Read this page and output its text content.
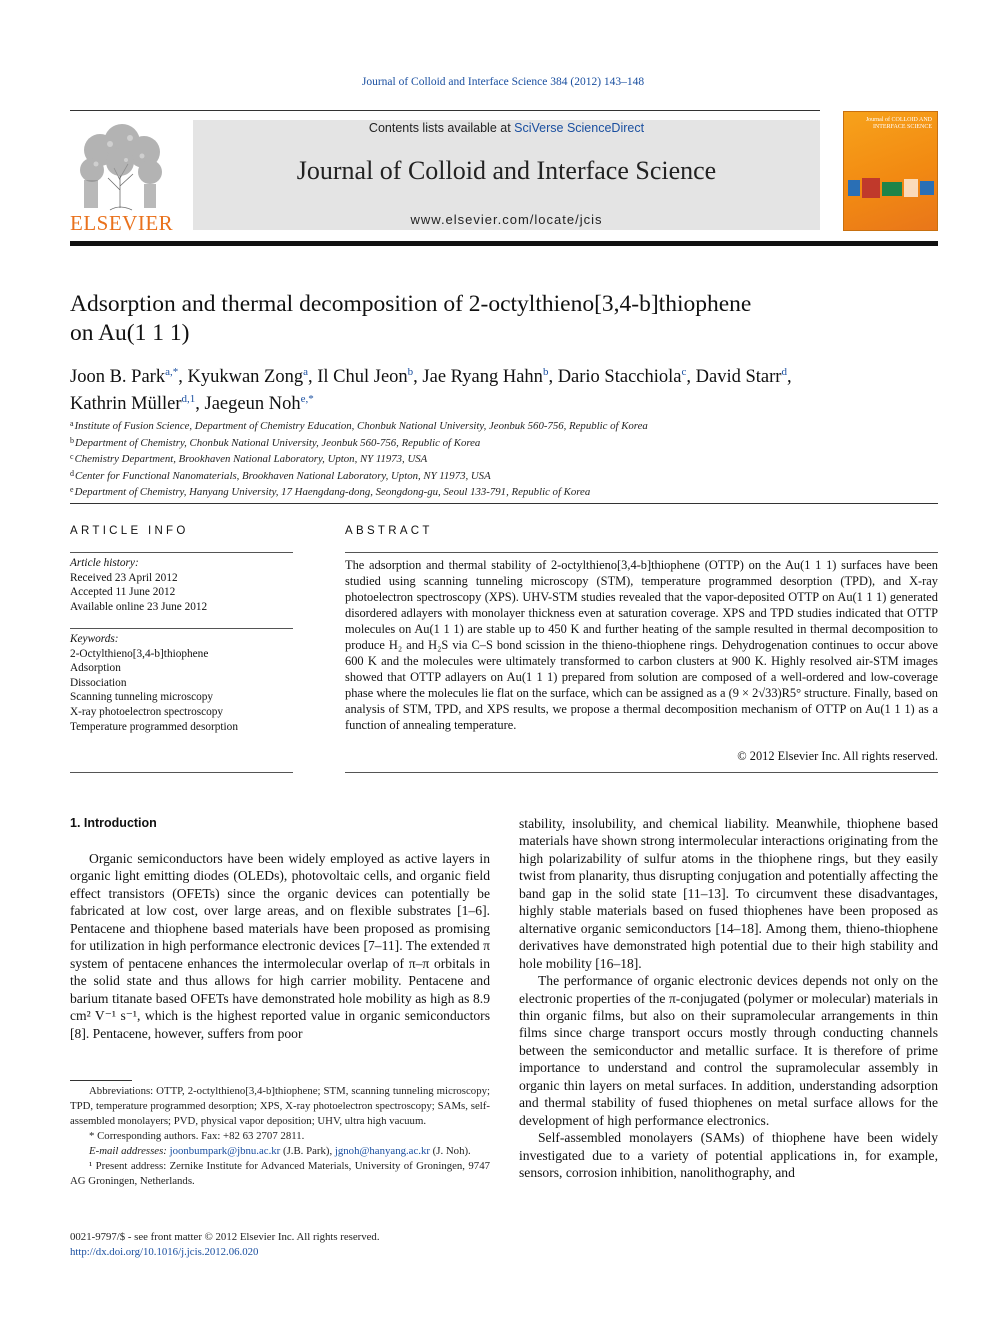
Journal of Colloid and Interface Science 384 (2012) 143–148
ELSEVIER
Contents lists available at SciVerse ScienceDirect
Journal of Colloid and Interface Science
www.elsevier.com/locate/jcis
Journal of COLLOID AND INTERFACE SCIENCE
Adsorption and thermal decomposition of 2-octylthieno[3,4-b]thiophene
on Au(1 1 1)
Joon B. Park$^{a,*}$, Kyukwan Zong$^a$, Il Chul Jeon$^b$, Jae Ryang Hahn$^b$, Dario Stacchiola$^c$, David Starr$^d$,
Kathrin Müller$^{d,1}$, Jaegeun Noh$^{e,*}$
$^a$Institute of Fusion Science, Department of Chemistry Education, Chonbuk National University, Jeonbuk 560-756, Republic of Korea
$^b$Department of Chemistry, Chonbuk National University, Jeonbuk 560-756, Republic of Korea
$^c$Chemistry Department, Brookhaven National Laboratory, Upton, NY 11973, USA
$^d$Center for Functional Nanomaterials, Brookhaven National Laboratory, Upton, NY 11973, USA
$^e$Department of Chemistry, Hanyang University, 17 Haengdang-dong, Seongdong-gu, Seoul 133-791, Republic of Korea
ARTICLE INFO
Article history:
Received 23 April 2012
Accepted 11 June 2012
Available online 23 June 2012
Keywords:
2-Octylthieno[3,4-b]thiophene
Adsorption
Dissociation
Scanning tunneling microscopy
X-ray photoelectron spectroscopy
Temperature programmed desorption
ABSTRACT
The adsorption and thermal stability of 2-octylthieno[3,4-b]thiophene (OTTP) on the Au(1 1 1) surfaces have been studied using scanning tunneling microscopy (STM), temperature programmed desorption (TPD), and X-ray photoelectron spectroscopy (XPS). UHV-STM studies revealed that the vapor-deposited OTTP on Au(1 1 1) generated disordered adlayers with monolayer thickness even at saturation coverage. XPS and TPD studies indicated that OTTP molecules on Au(1 1 1) are stable up to 450 K and further heating of the sample resulted in thermal decomposition to produce H₂ and H₂S via C–S bond scission in the thieno-thiophene rings. Dehydrogenation continues to occur above 600 K and the molecules were ultimately transformed to carbon clusters at 900 K. Highly resolved air-STM images showed that OTTP adlayers on Au(1 1 1) prepared from solution are composed of a well-ordered and low-coverage phase where the molecules lie flat on the surface, which can be assigned as a (9 × 2√33)R5° structure. Finally, based on analysis of STM, TPD, and XPS results, we propose a thermal decomposition mechanism of OTTP on Au(1 1 1) as a function of annealing temperature.
© 2012 Elsevier Inc. All rights reserved.
1. Introduction

Organic semiconductors have been widely employed as active layers in organic light emitting diodes (OLEDs), photovoltaic cells, and organic field effect transistors (OFETs) since the organic devices can potentially be fabricated at low cost, over large areas, and on flexible substrates [1–6]. Pentacene and thiophene based materials have been proposed as promising for utilization in high performance electronic devices [7–11]. The extended π system of pentacene enhances the intermolecular overlap of π–π orbitals in the solid state and thus allows for high carrier mobility. Pentacene and barium titanate based OFETs have demonstrated hole mobility as high as 8.9 cm² V⁻¹ s⁻¹, which is the highest reported value in organic semiconductors [8]. Pentacene, however, suffers from poor

stability, insolubility, and chemical liability. Meanwhile, thiophene based materials have shown strong intermolecular interactions originating from the high polarizability of sulfur atoms in the thiophene rings, but they easily twist from planarity, thus disrupting conjugation and potentially affecting the band gap in the solid state [11–13]. To circumvent these disadvantages, highly stable materials based on fused thiophenes have been proposed as alternative organic semiconductors [14–18]. Among them, thieno-thiophene derivatives have demonstrated high potential due to their high stability and hole mobility [16–18].

The performance of organic electronic devices depends not only on the electronic properties of the π-conjugated (polymer or molecular) materials in thin organic films, but also on their supramolecular arrangements in thin films since charge transport occurs mostly through conducting channels between the semiconductor and metallic surface. It is therefore of prime importance to understand and control the supramolecular assembly in organic thin layers on metal surfaces. In addition, understanding adsorption and thermal stability of fused thiophenes on metal surface allows for the development of high performance electronics.

Self-assembled monolayers (SAMs) of thiophene have been widely investigated due to a variety of potential applications in, for example, sensors, corrosion inhibition, nanolithography, and

Abbreviations: OTTP, 2-octylthieno[3,4-b]thiophene; STM, scanning tunneling microscopy; TPD, temperature programmed desorption; XPS, X-ray photoelectron spectroscopy; SAMs, self-assembled monolayers; PVD, physical vapor deposition; UHV, ultra high vacuum.

* Corresponding authors. Fax: +82 63 2707 2811.

E-mail addresses: joonbumpark@jbnu.ac.kr (J.B. Park), jgnoh@hanyang.ac.kr (J. Noh).

¹ Present address: Zernike Institute for Advanced Materials, University of Groningen, 9747 AG Groningen, Netherlands.

0021-9797/$ - see front matter © 2012 Elsevier Inc. All rights reserved.
http://dx.doi.org/10.1016/j.jcis.2012.06.020
